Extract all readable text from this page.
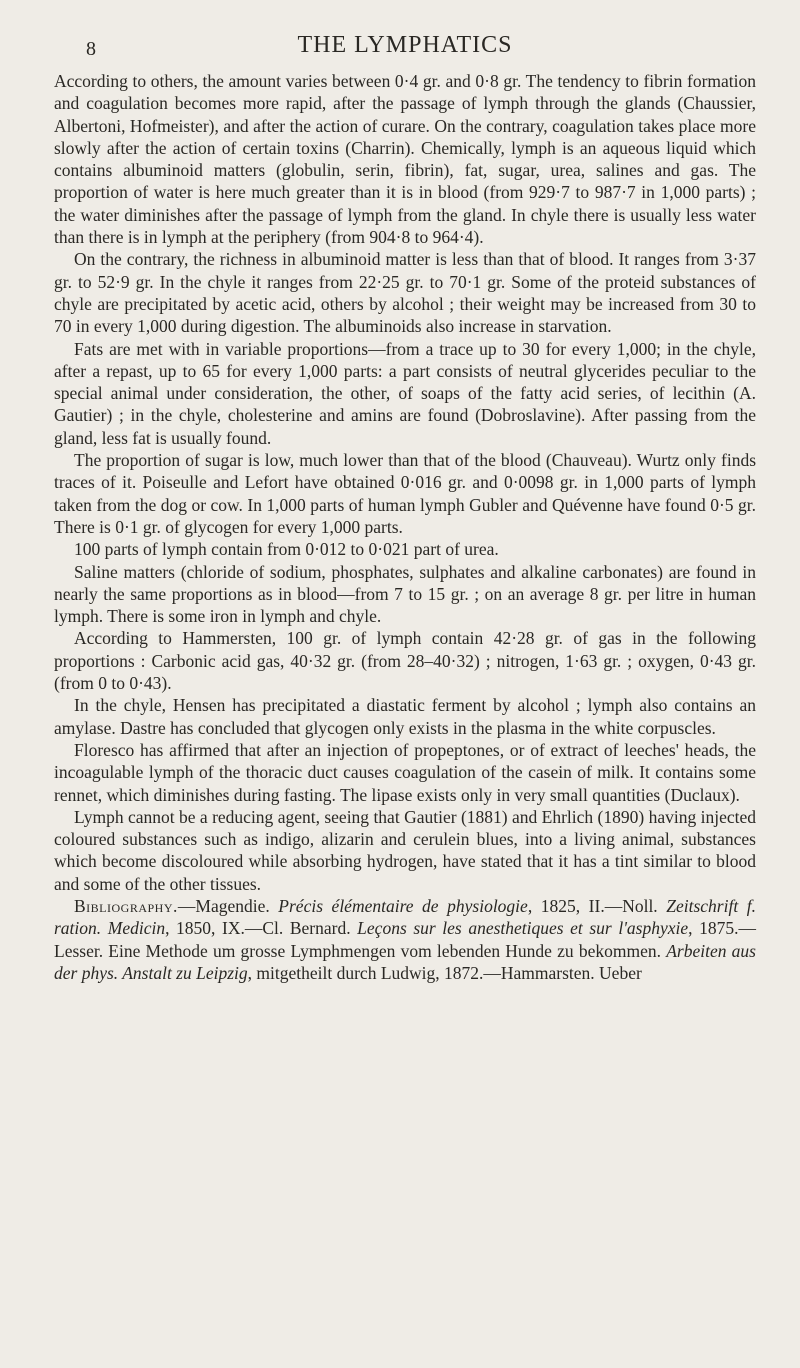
8	THE LYMPHATICS

According to others, the amount varies between 0·4 gr. and 0·8 gr. The tendency to fibrin formation and coagulation becomes more rapid, after the passage of lymph through the glands (Chaussier, Albertoni, Hofmeister), and after the action of curare. On the contrary, coagulation takes place more slowly after the action of certain toxins (Charrin). Chemically, lymph is an aqueous liquid which contains albuminoid matters (globulin, serin, fibrin), fat, sugar, urea, salines and gas. The proportion of water is here much greater than it is in blood (from 929·7 to 987·7 in 1,000 parts) ; the water diminishes after the passage of lymph from the gland. In chyle there is usually less water than there is in lymph at the periphery (from 904·8 to 964·4).

On the contrary, the richness in albuminoid matter is less than that of blood. It ranges from 3·37 gr. to 52·9 gr. In the chyle it ranges from 22·25 gr. to 70·1 gr. Some of the proteid substances of chyle are precipitated by acetic acid, others by alcohol ; their weight may be increased from 30 to 70 in every 1,000 during digestion. The albuminoids also increase in starvation.

Fats are met with in variable proportions—from a trace up to 30 for every 1,000; in the chyle, after a repast, up to 65 for every 1,000 parts: a part consists of neutral glycerides peculiar to the special animal under consideration, the other, of soaps of the fatty acid series, of lecithin (A. Gautier) ; in the chyle, cholesterine and amins are found (Dobroslavine). After passing from the gland, less fat is usually found.

The proportion of sugar is low, much lower than that of the blood (Chauveau). Wurtz only finds traces of it. Poiseulle and Lefort have obtained 0·016 gr. and 0·0098 gr. in 1,000 parts of lymph taken from the dog or cow. In 1,000 parts of human lymph Gubler and Quévenne have found 0·5 gr. There is 0·1 gr. of glycogen for every 1,000 parts.

100 parts of lymph contain from 0·012 to 0·021 part of urea.

Saline matters (chloride of sodium, phosphates, sulphates and alkaline carbonates) are found in nearly the same proportions as in blood—from 7 to 15 gr. ; on an average 8 gr. per litre in human lymph. There is some iron in lymph and chyle.

According to Hammersten, 100 gr. of lymph contain 42·28 gr. of gas in the following proportions : Carbonic acid gas, 40·32 gr. (from 28–40·32) ; nitrogen, 1·63 gr. ; oxygen, 0·43 gr. (from 0 to 0·43).

In the chyle, Hensen has precipitated a diastatic ferment by alcohol ; lymph also contains an amylase. Dastre has concluded that glycogen only exists in the plasma in the white corpuscles.

Floresco has affirmed that after an injection of propeptones, or of extract of leeches' heads, the incoagulable lymph of the thoracic duct causes coagulation of the casein of milk. It contains some rennet, which diminishes during fasting. The lipase exists only in very small quantities (Duclaux).

Lymph cannot be a reducing agent, seeing that Gautier (1881) and Ehrlich (1890) having injected coloured substances such as indigo, alizarin and cerulein blues, into a living animal, substances which become discoloured while absorbing hydrogen, have stated that it has a tint similar to blood and some of the other tissues.

Bibliography.—Magendie. Précis élémentaire de physiologie, 1825, II.—Noll. Zeitschrift f. ration. Medicin, 1850, IX.—Cl. Bernard. Leçons sur les anesthetiques et sur l'asphyxie, 1875.—Lesser. Eine Methode um grosse Lymphmengen vom lebenden Hunde zu bekommen. Arbeiten aus der phys. Anstalt zu Leipzig, mitgetheilt durch Ludwig, 1872.—Hammarsten. Ueber
